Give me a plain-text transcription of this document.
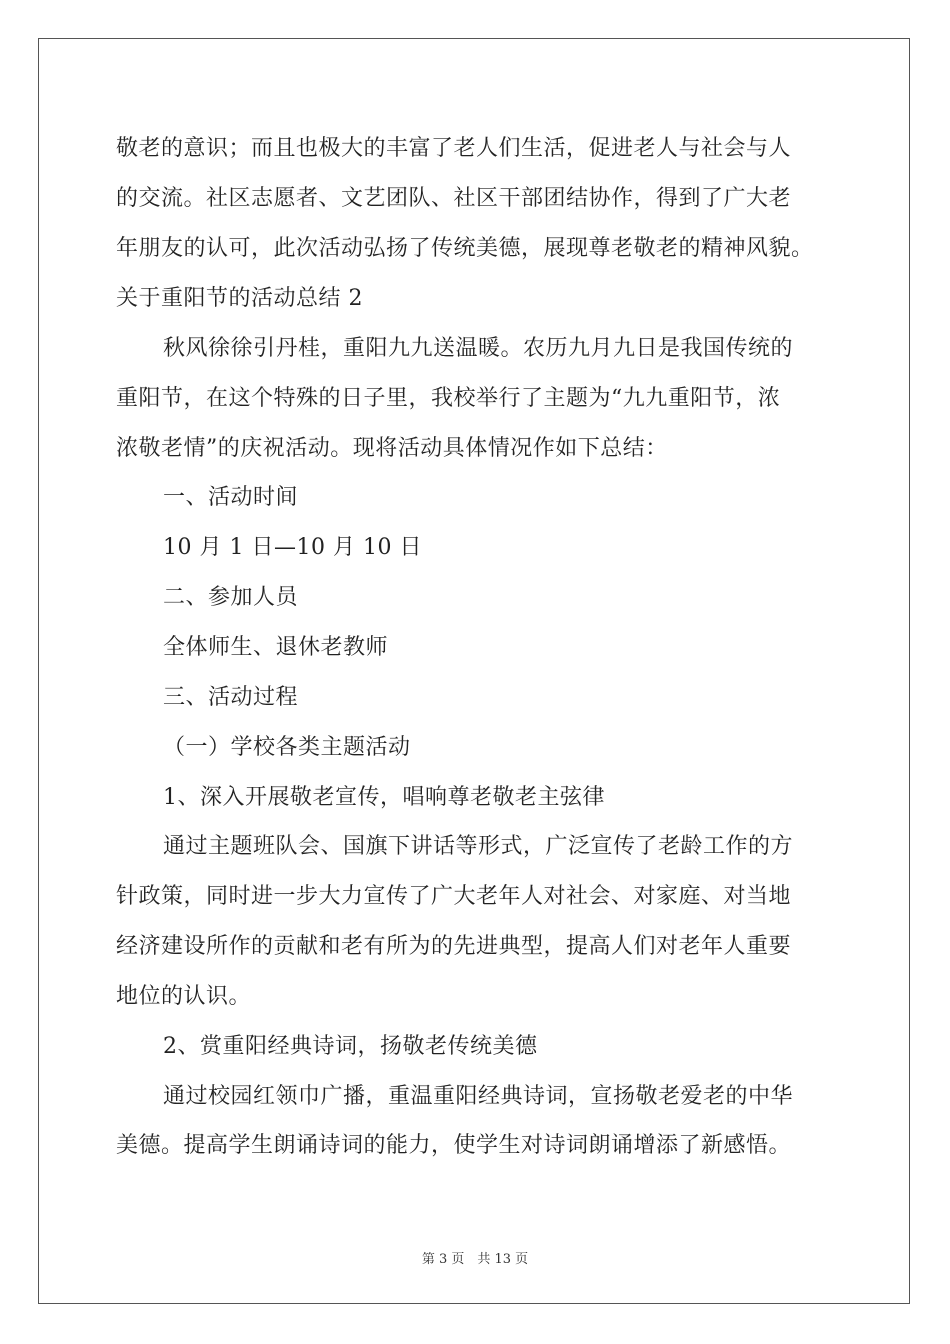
敬老的意识；而且也极大的丰富了老人们生活，促进老人与社会与人
的交流。社区志愿者、文艺团队、社区干部团结协作，得到了广大老
年朋友的认可，此次活动弘扬了传统美德，展现尊老敬老的精神风貌。
关于重阳节的活动总结 2
秋风徐徐引丹桂，重阳九九送温暖。农历九月九日是我国传统的
重阳节，在这个特殊的日子里，我校举行了主题为“九九重阳节，浓
浓敬老情”的庆祝活动。现将活动具体情况作如下总结：
一、活动时间
10 月 1 日—10 月 10 日
二、参加人员
全体师生、退休老教师
三、活动过程
（一）学校各类主题活动
1、深入开展敬老宣传，唱响尊老敬老主弦律
通过主题班队会、国旗下讲话等形式，广泛宣传了老龄工作的方
针政策，同时进一步大力宣传了广大老年人对社会、对家庭、对当地
经济建设所作的贡献和老有所为的先进典型，提高人们对老年人重要
地位的认识。
2、赏重阳经典诗词，扬敬老传统美德
通过校园红领巾广播，重温重阳经典诗词，宣扬敬老爱老的中华
美德。提高学生朗诵诗词的能力，使学生对诗词朗诵增添了新感悟。
第 3 页　共 13 页
